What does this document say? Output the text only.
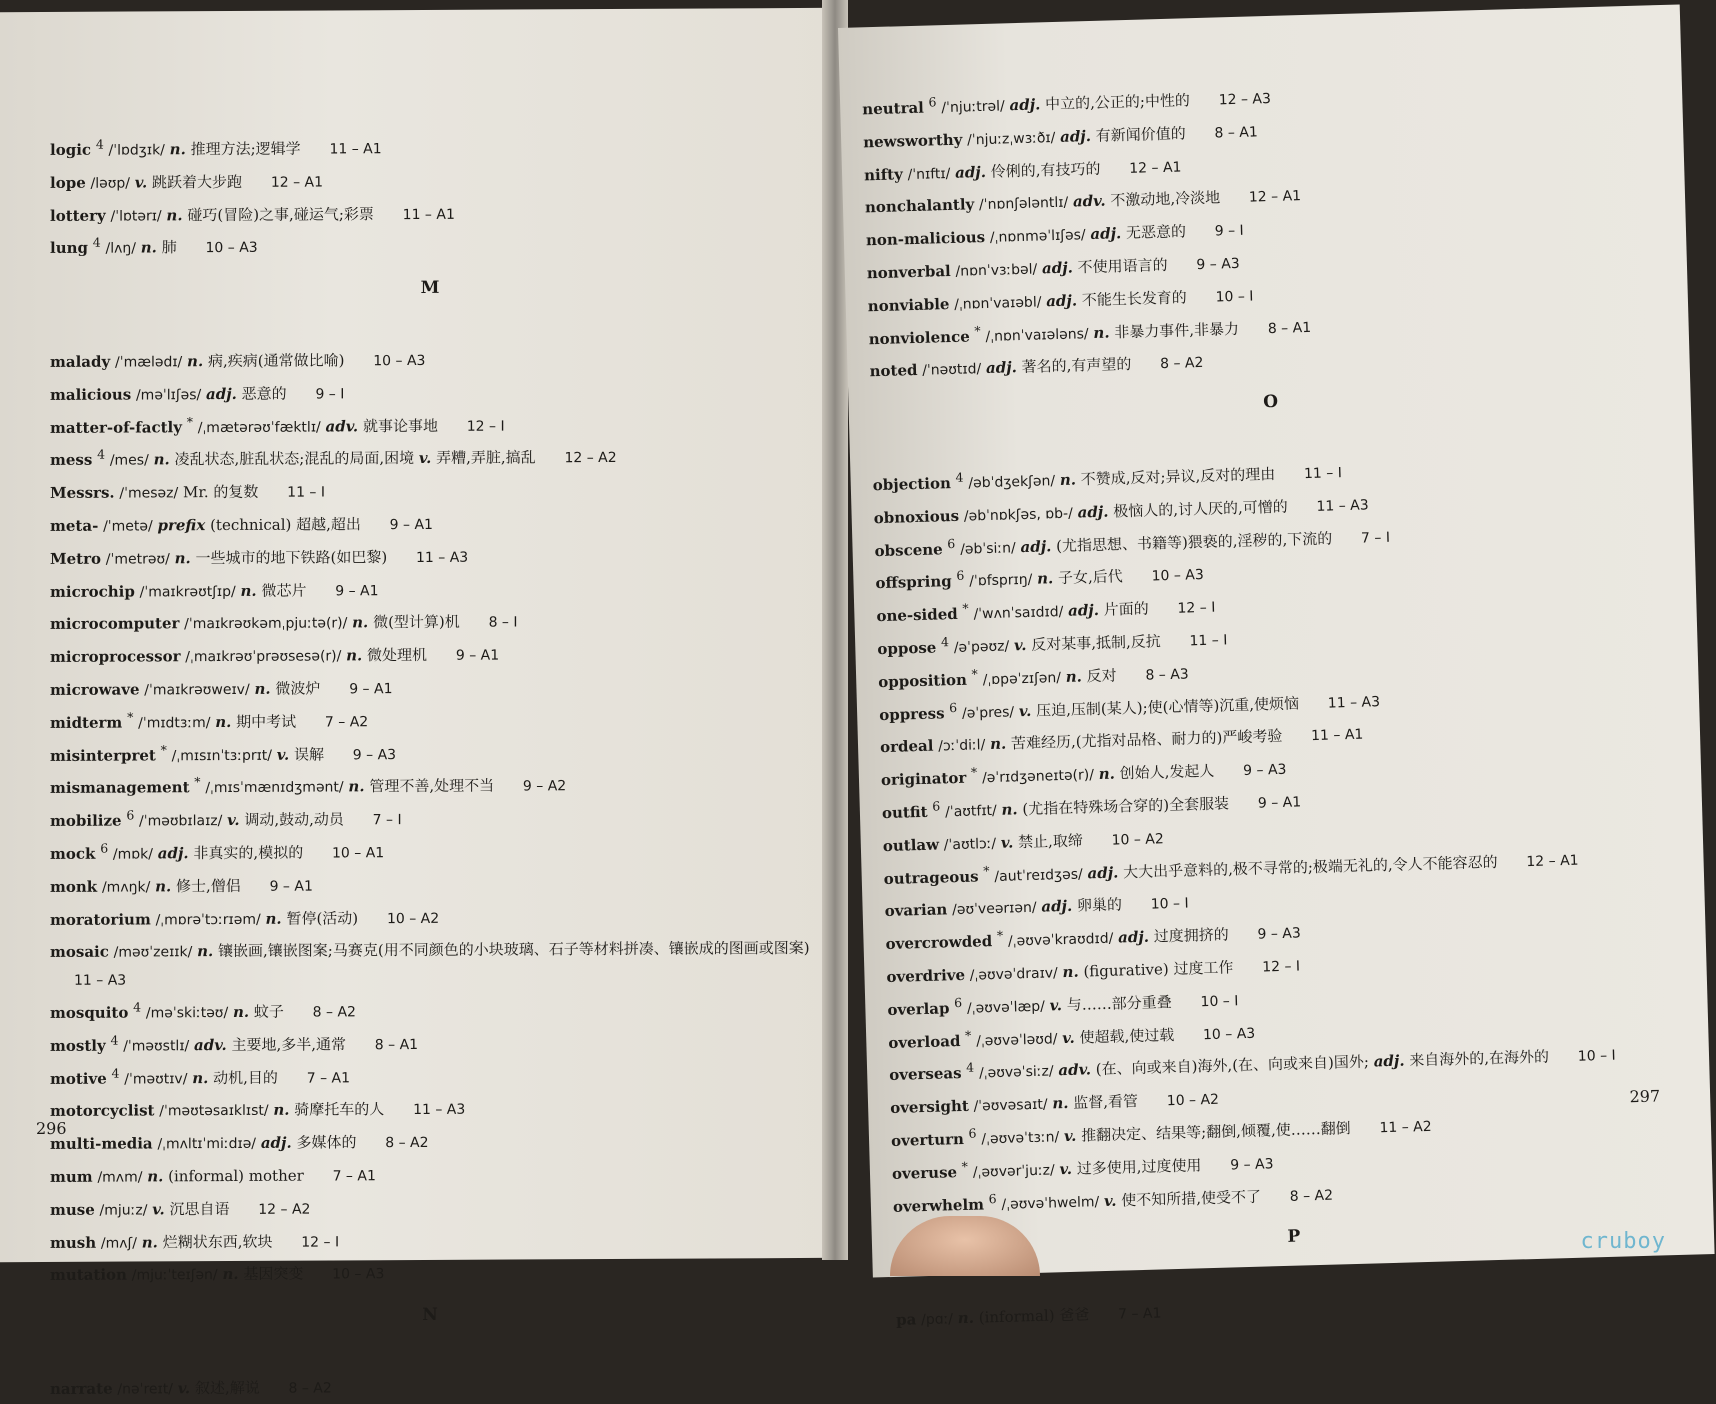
logic $^4$ /ˈlɒdʒɪk/ n. 推理方法;逻辑学 11 – A1
lope /ləʊp/ v. 跳跃着大步跑 12 – A1
lottery /ˈlɒtərɪ/ n. 碰巧(冒险)之事,碰运气;彩票 11 – A1
lung $^4$ /lʌŋ/ n. 肺 10 – A3
M
malady /ˈmælədɪ/ n. 病,疾病(通常做比喻) 10 – A3
malicious /məˈlɪʃəs/ adj. 恶意的 9 – I
matter-of-factly * /ˌmætərəʊˈfæktlɪ/ adv. 就事论事地 12 – I
mess $^4$ /mes/ n. 凌乱状态,脏乱状态;混乱的局面,困境 v. 弄糟,弄脏,搞乱 12 – A2
Messrs. /ˈmesəz/ Mr. 的复数 11 – I
meta- /ˈmetə/ prefix (technical) 超越,超出 9 – A1
Metro /ˈmetrəʊ/ n. 一些城市的地下铁路(如巴黎) 11 – A3
microchip /ˈmaɪkrəʊtʃɪp/ n. 微芯片 9 – A1
microcomputer /ˈmaɪkrəʊkəmˌpjuːtə(r)/ n. 微(型计算)机 8 – I
microprocessor /ˌmaɪkrəʊˈprəʊsesə(r)/ n. 微处理机 9 – A1
microwave /ˈmaɪkrəʊweɪv/ n. 微波炉 9 – A1
midterm * /ˈmɪdtɜːm/ n. 期中考试 7 – A2
misinterpret * /ˌmɪsɪnˈtɜːprɪt/ v. 误解 9 – A3
mismanagement * /ˌmɪsˈmænɪdʒmənt/ n. 管理不善,处理不当 9 – A2
mobilize $^6$ /ˈməʊbɪlaɪz/ v. 调动,鼓动,动员 7 – I
mock $^6$ /mɒk/ adj. 非真实的,模拟的 10 – A1
monk /mʌŋk/ n. 修士,僧侣 9 – A1
moratorium /ˌmɒrəˈtɔːrɪəm/ n. 暂停(活动) 10 – A2
mosaic /məʊˈzeɪɪk/ n. 镶嵌画,镶嵌图案;马赛克(用不同颜色的小块玻璃、石子等材料拼凑、镶嵌成的图画或图案) 11 – A3
mosquito $^4$ /məˈskiːtəʊ/ n. 蚊子 8 – A2
mostly $^4$ /ˈməʊstlɪ/ adv. 主要地,多半,通常 8 – A1
motive $^4$ /ˈməʊtɪv/ n. 动机,目的 7 – A1
motorcyclist /ˈməʊtəsaɪklɪst/ n. 骑摩托车的人 11 – A3
multi-media /ˌmʌltɪˈmiːdɪə/ adj. 多媒体的 8 – A2
mum /mʌm/ n. (informal) mother 7 – A1
muse /mjuːz/ v. 沉思自语 12 – A2
mush /mʌʃ/ n. 烂糊状东西,软块 12 – I
mutation /mjuːˈteɪʃən/ n. 基因突变 10 – A3
N
narrate /nəˈreɪt/ v. 叙述,解说 8 – A2
296
neutral $^6$ /ˈnjuːtrəl/ adj. 中立的,公正的;中性的 12 – A3
newsworthy /ˈnjuːzˌwɜːðɪ/ adj. 有新闻价值的 8 – A1
nifty /ˈnɪftɪ/ adj. 伶俐的,有技巧的 12 – A1
nonchalantly /ˈnɒnʃələntlɪ/ adv. 不激动地,冷淡地 12 – A1
non-malicious /ˌnɒnməˈlɪʃəs/ adj. 无恶意的 9 – I
nonverbal /nɒnˈvɜːbəl/ adj. 不使用语言的 9 – A3
nonviable /ˌnɒnˈvaɪəbl/ adj. 不能生长发育的 10 – I
nonviolence * /ˌnɒnˈvaɪələns/ n. 非暴力事件,非暴力 8 – A1
noted /ˈnəʊtɪd/ adj. 著名的,有声望的 8 – A2
O
objection $^4$ /əbˈdʒekʃən/ n. 不赞成,反对;异议,反对的理由 11 – I
obnoxious /əbˈnɒkʃəs, ɒb-/ adj. 极恼人的,讨人厌的,可憎的 11 – A3
obscene $^6$ /əbˈsiːn/ adj. (尤指思想、书籍等)猥亵的,淫秽的,下流的 7 – I
offspring $^6$ /ˈɒfsprɪŋ/ n. 子女,后代 10 – A3
one-sided * /ˈwʌnˈsaɪdɪd/ adj. 片面的 12 – I
oppose $^4$ /əˈpəʊz/ v. 反对某事,抵制,反抗 11 – I
opposition * /ˌɒpəˈzɪʃən/ n. 反对 8 – A3
oppress $^6$ /əˈpres/ v. 压迫,压制(某人);使(心情等)沉重,使烦恼 11 – A3
ordeal /ɔːˈdiːl/ n. 苦难经历,(尤指对品格、耐力的)严峻考验 11 – A1
originator * /əˈrɪdʒəneɪtə(r)/ n. 创始人,发起人 9 – A3
outfit $^6$ /ˈaʊtfɪt/ n. (尤指在特殊场合穿的)全套服装 9 – A1
outlaw /ˈaʊtlɔː/ v. 禁止,取缔 10 – A2
outrageous * /autˈreɪdʒəs/ adj. 大大出乎意料的,极不寻常的;极端无礼的,令人不能容忍的 12 – A1
ovarian /əʊˈveərɪən/ adj. 卵巢的 10 – I
overcrowded * /ˌəʊvəˈkraʊdɪd/ adj. 过度拥挤的 9 – A3
overdrive /ˌəʊvəˈdraɪv/ n. (figurative) 过度工作 12 – I
overlap $^6$ /ˌəʊvəˈlæp/ v. 与……部分重叠 10 – I
overload * /ˌəʊvəˈləʊd/ v. 使超载,使过载 10 – A3
overseas $^4$ /ˌəʊvəˈsiːz/ adv. (在、向或来自)海外,(在、向或来自)国外; adj. 来自海外的,在海外的 10 – I
oversight /ˈəʊvəsaɪt/ n. 监督,看管 10 – A2
overturn $^6$ /ˌəʊvəˈtɜːn/ v. 推翻决定、结果等;翻倒,倾覆,使……翻倒 11 – A2
overuse * /ˌəʊvərˈjuːz/ v. 过多使用,过度使用 9 – A3
overwhelm $^6$ /ˌəʊvəˈhwelm/ v. 使不知所措,使受不了 8 – A2
P
pa /pɑː/ n. (informal) 爸爸 7 – A1
297
cruboy
